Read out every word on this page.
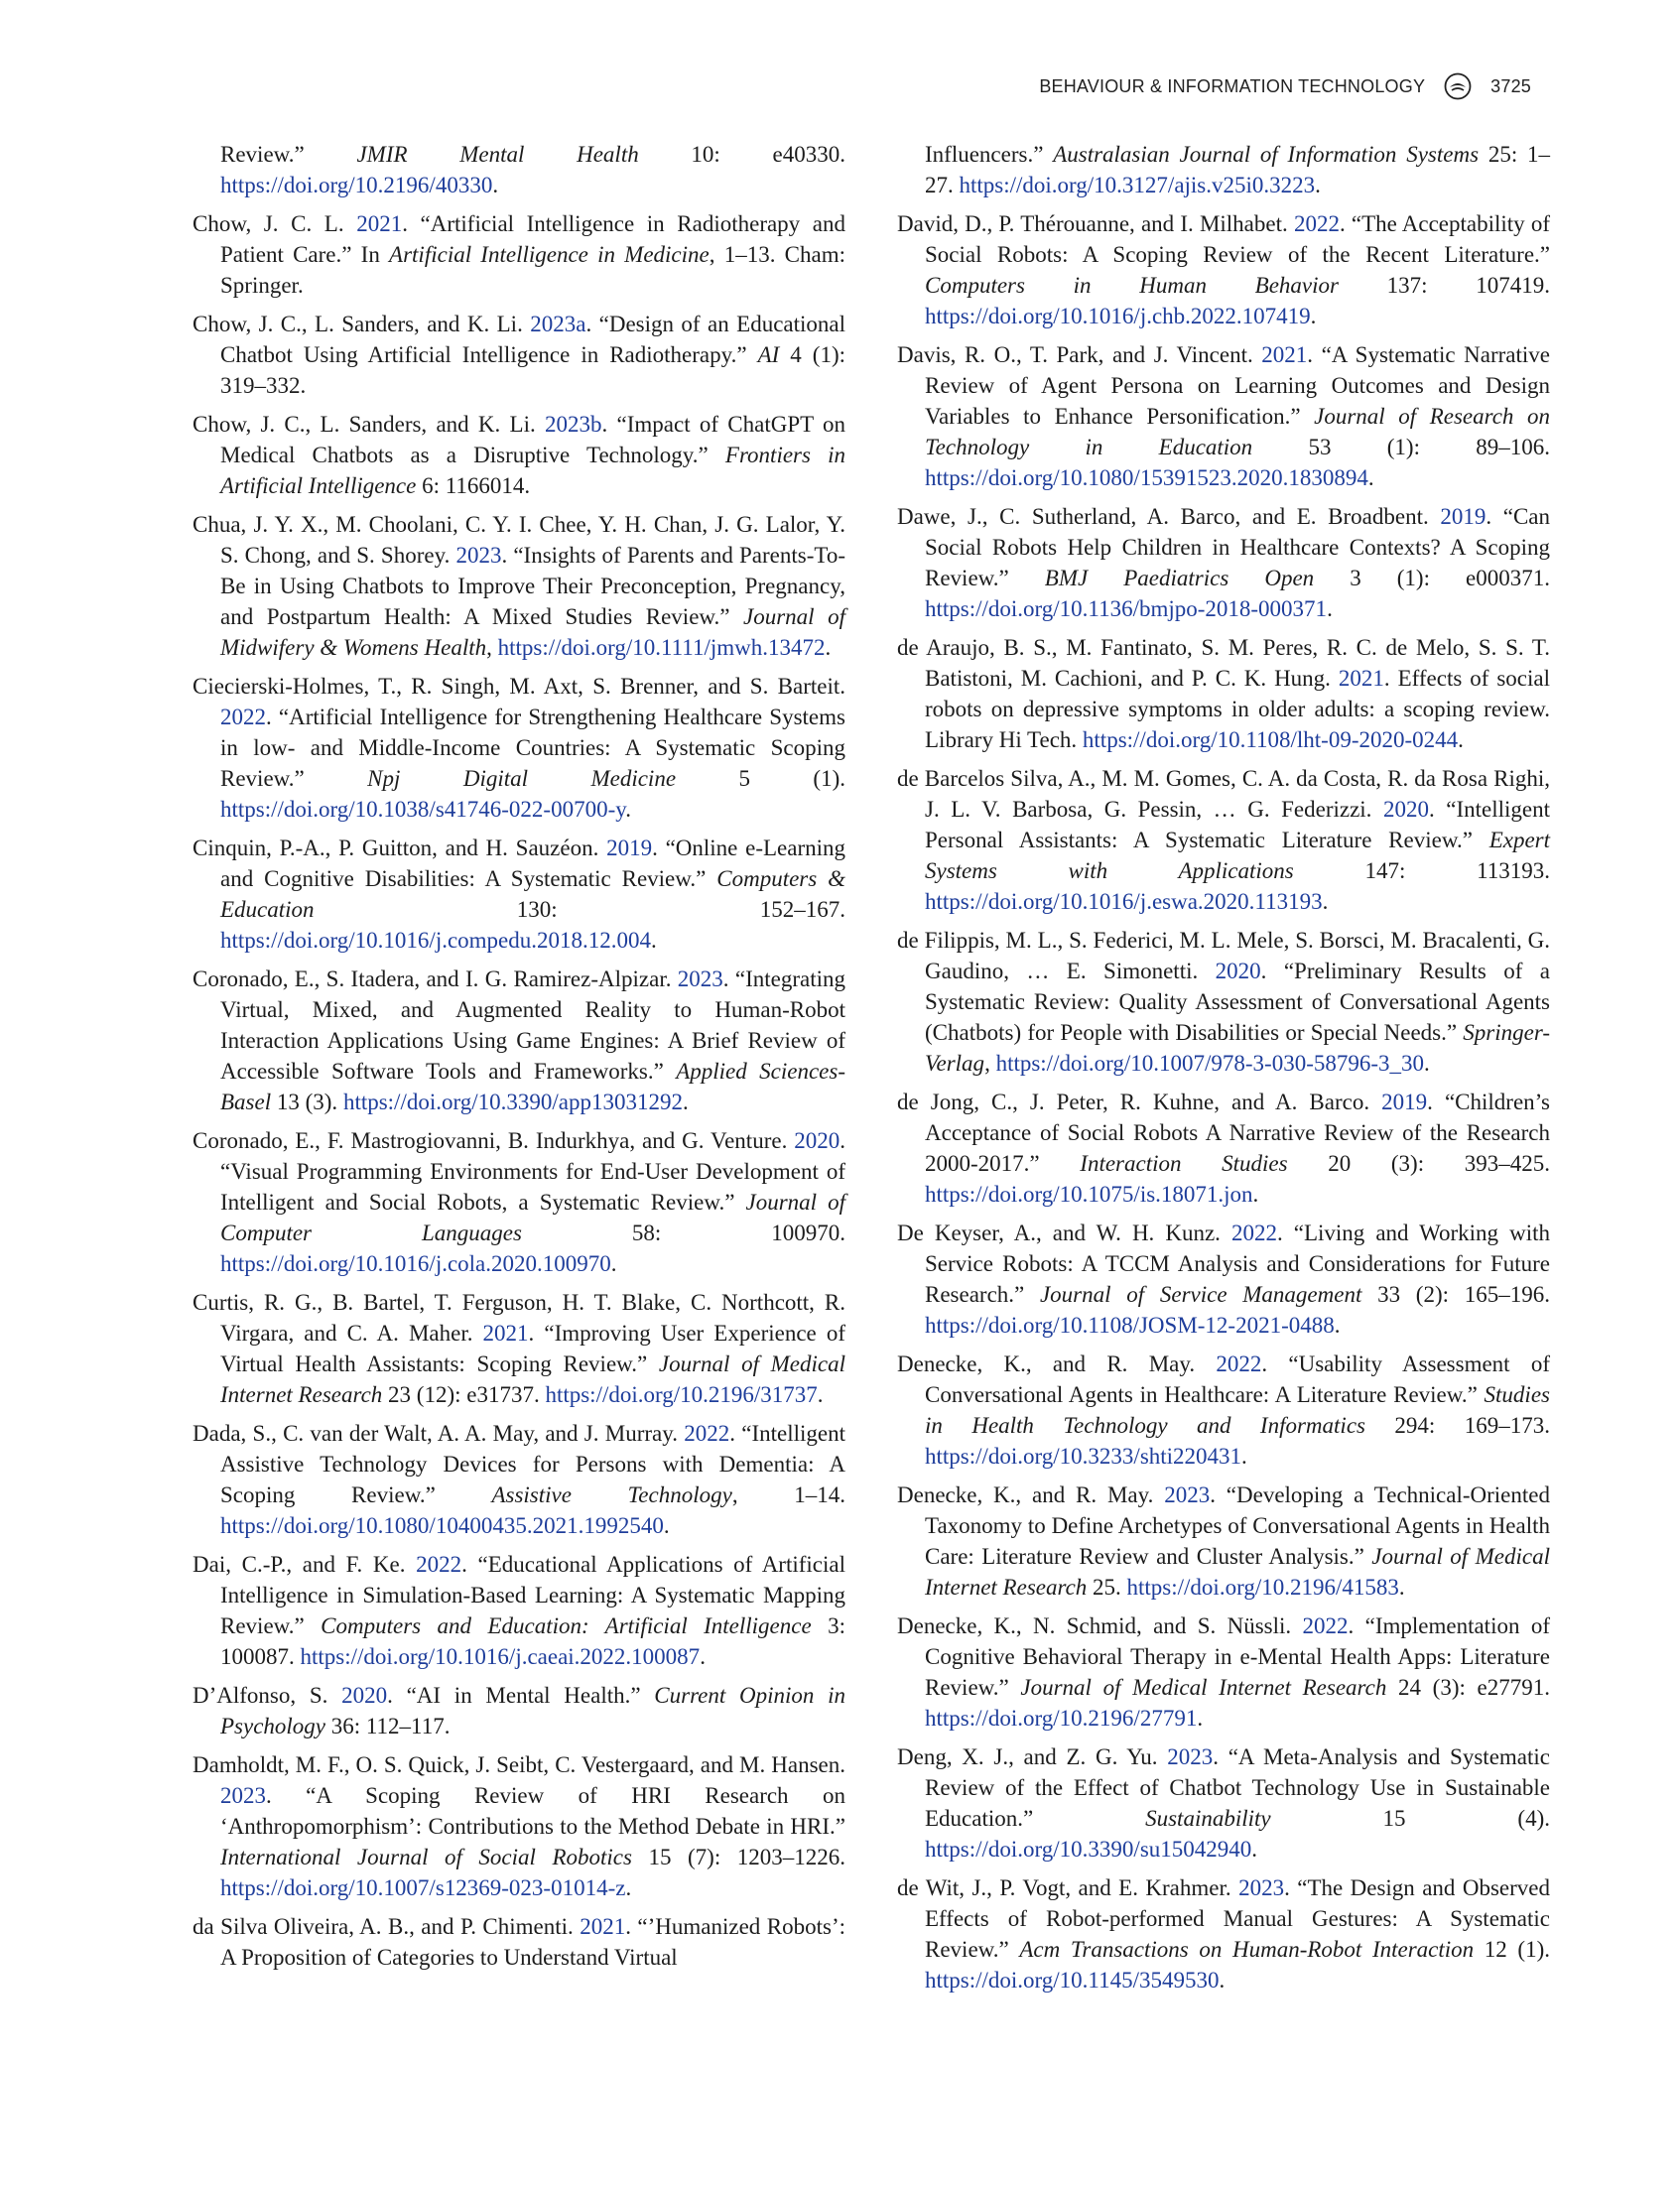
BEHAVIOUR & INFORMATION TECHNOLOGY	3725

Review.” JMIR Mental Health 10: e40330. https://doi.org/10.2196/40330.

Chow, J. C. L. 2021. “Artificial Intelligence in Radiotherapy and Patient Care.” In Artificial Intelligence in Medicine, 1–13. Cham: Springer.

Chow, J. C., L. Sanders, and K. Li. 2023a. “Design of an Educational Chatbot Using Artificial Intelligence in Radiotherapy.” AI 4 (1): 319–332.

Chow, J. C., L. Sanders, and K. Li. 2023b. “Impact of ChatGPT on Medical Chatbots as a Disruptive Technology.” Frontiers in Artificial Intelligence 6: 1166014.

Chua, J. Y. X., M. Choolani, C. Y. I. Chee, Y. H. Chan, J. G. Lalor, Y. S. Chong, and S. Shorey. 2023. “Insights of Parents and Parents-To-Be in Using Chatbots to Improve Their Preconception, Pregnancy, and Postpartum Health: A Mixed Studies Review.” Journal of Midwifery & Womens Health, https://doi.org/10.1111/jmwh.13472.

Ciecierski-Holmes, T., R. Singh, M. Axt, S. Brenner, and S. Barteit. 2022. “Artificial Intelligence for Strengthening Healthcare Systems in low- and Middle-Income Countries: A Systematic Scoping Review.” Npj Digital Medicine 5 (1). https://doi.org/10.1038/s41746-022-00700-y.

Cinquin, P.-A., P. Guitton, and H. Sauzéon. 2019. “Online e-Learning and Cognitive Disabilities: A Systematic Review.” Computers & Education 130: 152–167. https://doi.org/10.1016/j.compedu.2018.12.004.

Coronado, E., S. Itadera, and I. G. Ramirez-Alpizar. 2023. “Integrating Virtual, Mixed, and Augmented Reality to Human-Robot Interaction Applications Using Game Engines: A Brief Review of Accessible Software Tools and Frameworks.” Applied Sciences-Basel 13 (3). https://doi.org/10.3390/app13031292.

Coronado, E., F. Mastrogiovanni, B. Indurkhya, and G. Venture. 2020. “Visual Programming Environments for End-User Development of Intelligent and Social Robots, a Systematic Review.” Journal of Computer Languages 58: 100970. https://doi.org/10.1016/j.cola.2020.100970.

Curtis, R. G., B. Bartel, T. Ferguson, H. T. Blake, C. Northcott, R. Virgara, and C. A. Maher. 2021. “Improving User Experience of Virtual Health Assistants: Scoping Review.” Journal of Medical Internet Research 23 (12): e31737. https://doi.org/10.2196/31737.

Dada, S., C. van der Walt, A. A. May, and J. Murray. 2022. “Intelligent Assistive Technology Devices for Persons with Dementia: A Scoping Review.” Assistive Technology, 1–14. https://doi.org/10.1080/10400435.2021.1992540.

Dai, C.-P., and F. Ke. 2022. “Educational Applications of Artificial Intelligence in Simulation-Based Learning: A Systematic Mapping Review.” Computers and Education: Artificial Intelligence 3: 100087. https://doi.org/10.1016/j.caeai.2022.100087.

D’Alfonso, S. 2020. “AI in Mental Health.” Current Opinion in Psychology 36: 112–117.

Damholdt, M. F., O. S. Quick, J. Seibt, C. Vestergaard, and M. Hansen. 2023. “A Scoping Review of HRI Research on ‘Anthropomorphism’: Contributions to the Method Debate in HRI.” International Journal of Social Robotics 15 (7): 1203–1226. https://doi.org/10.1007/s12369-023-01014-z.

da Silva Oliveira, A. B., and P. Chimenti. 2021. “’Humanized Robots’: A Proposition of Categories to Understand Virtual

Influencers.” Australasian Journal of Information Systems 25: 1–27. https://doi.org/10.3127/ajis.v25i0.3223.

David, D., P. Thérouanne, and I. Milhabet. 2022. “The Acceptability of Social Robots: A Scoping Review of the Recent Literature.” Computers in Human Behavior 137: 107419. https://doi.org/10.1016/j.chb.2022.107419.

Davis, R. O., T. Park, and J. Vincent. 2021. “A Systematic Narrative Review of Agent Persona on Learning Outcomes and Design Variables to Enhance Personification.” Journal of Research on Technology in Education 53 (1): 89–106. https://doi.org/10.1080/15391523.2020.1830894.

Dawe, J., C. Sutherland, A. Barco, and E. Broadbent. 2019. “Can Social Robots Help Children in Healthcare Contexts? A Scoping Review.” BMJ Paediatrics Open 3 (1): e000371. https://doi.org/10.1136/bmjpo-2018-000371.

de Araujo, B. S., M. Fantinato, S. M. Peres, R. C. de Melo, S. S. T. Batistoni, M. Cachioni, and P. C. K. Hung. 2021. Effects of social robots on depressive symptoms in older adults: a scoping review. Library Hi Tech. https://doi.org/10.1108/lht-09-2020-0244.

de Barcelos Silva, A., M. M. Gomes, C. A. da Costa, R. da Rosa Righi, J. L. V. Barbosa, G. Pessin, … G. Federizzi. 2020. “Intelligent Personal Assistants: A Systematic Literature Review.” Expert Systems with Applications 147: 113193. https://doi.org/10.1016/j.eswa.2020.113193.

de Filippis, M. L., S. Federici, M. L. Mele, S. Borsci, M. Bracalenti, G. Gaudino, … E. Simonetti. 2020. “Preliminary Results of a Systematic Review: Quality Assessment of Conversational Agents (Chatbots) for People with Disabilities or Special Needs.” Springer-Verlag, https://doi.org/10.1007/978-3-030-58796-3_30.

de Jong, C., J. Peter, R. Kuhne, and A. Barco. 2019. “Children’s Acceptance of Social Robots A Narrative Review of the Research 2000-2017.” Interaction Studies 20 (3): 393–425. https://doi.org/10.1075/is.18071.jon.

De Keyser, A., and W. H. Kunz. 2022. “Living and Working with Service Robots: A TCCM Analysis and Considerations for Future Research.” Journal of Service Management 33 (2): 165–196. https://doi.org/10.1108/JOSM-12-2021-0488.

Denecke, K., and R. May. 2022. “Usability Assessment of Conversational Agents in Healthcare: A Literature Review.” Studies in Health Technology and Informatics 294: 169–173. https://doi.org/10.3233/shti220431.

Denecke, K., and R. May. 2023. “Developing a Technical-Oriented Taxonomy to Define Archetypes of Conversational Agents in Health Care: Literature Review and Cluster Analysis.” Journal of Medical Internet Research 25. https://doi.org/10.2196/41583.

Denecke, K., N. Schmid, and S. Nüssli. 2022. “Implementation of Cognitive Behavioral Therapy in e-Mental Health Apps: Literature Review.” Journal of Medical Internet Research 24 (3): e27791. https://doi.org/10.2196/27791.

Deng, X. J., and Z. G. Yu. 2023. “A Meta-Analysis and Systematic Review of the Effect of Chatbot Technology Use in Sustainable Education.” Sustainability 15 (4). https://doi.org/10.3390/su15042940.

de Wit, J., P. Vogt, and E. Krahmer. 2023. “The Design and Observed Effects of Robot-performed Manual Gestures: A Systematic Review.” Acm Transactions on Human-Robot Interaction 12 (1). https://doi.org/10.1145/3549530.
